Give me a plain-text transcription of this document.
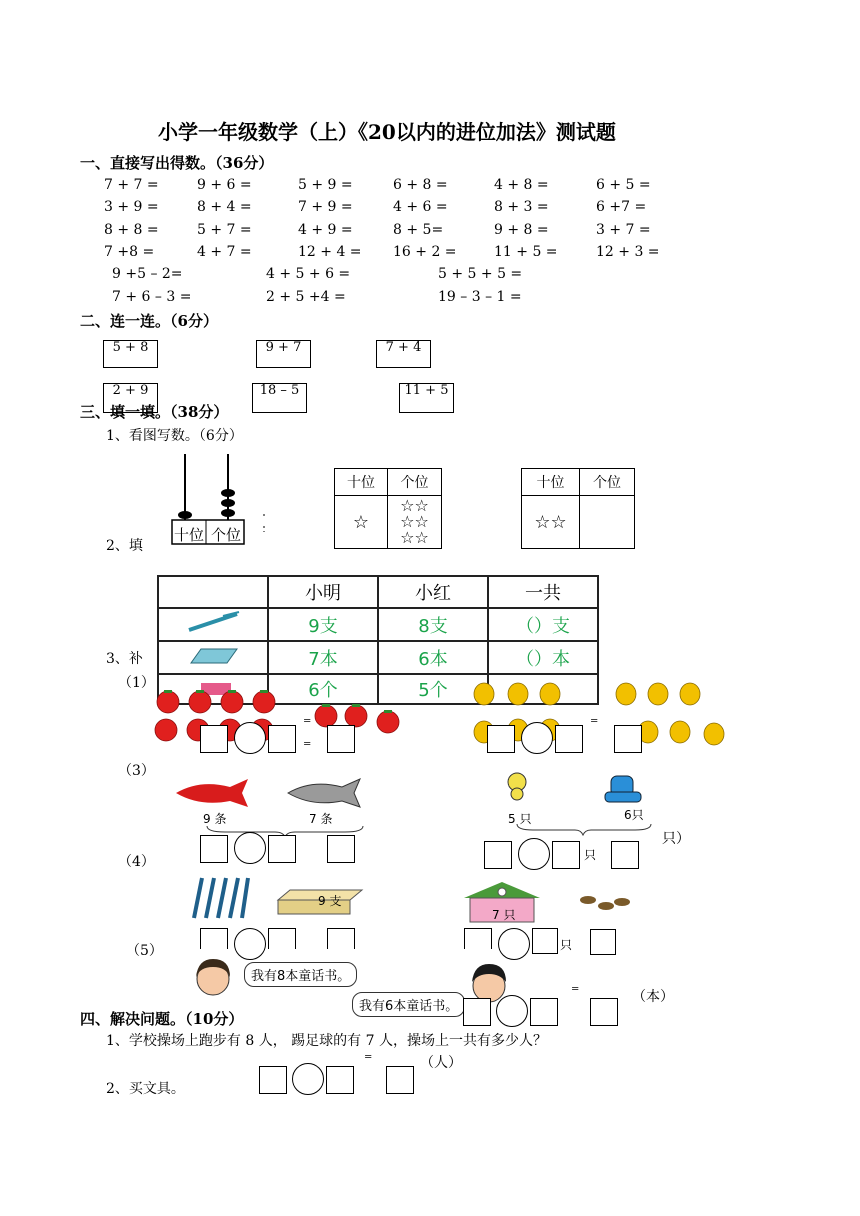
小学一年级数学（上）《20以内的进位加法》测试题
一、直接写出得数。（36分）
7 + 7 =	9 + 6 =	5 + 9 =	6 + 8 =	4 + 8 =	6 + 5 =
3 + 9 =	8 + 4 =	7 + 9 =	4 + 6 =	8 + 3 =	6 +7 =
8 + 8 =	5 + 7 =	4 + 9 =	8 + 5=	9 + 8 =	3 + 7 =
7 +8 =	4 + 7 =	12 + 4 = 16 + 2 =	11 + 5 =	12 + 3 =
9 +5 – 2=	4 + 5 + 6 =	5 + 5 + 5 =
7 + 6 – 3 =	2 + 5 +4 =	19 – 3 – 1 =
二、连一连。（6分）
5 + 8	9 + 7	7 + 4
2 + 9	18 – 5	11 + 5
三、填一填。（38分）
1、看图写数。（6分）
十位 个位
十位	个位
☆	☆☆
☆☆
☆☆
十位	个位
☆☆	
2、填
3、补
	小明	小红	一共
	9支	8支	（）支
	7本	6本	（）本
	6个	5个	
（1）
=
=
=
（3）
9 条	7 条	5 只	6只
只）
（4）	只
9 支
7 只
只
（5）
我有8本童话书。
我有6本童话书。
=	（本）
四、解决问题。（10分）
1、学校操场上跑步有 8 人， 踢足球的有 7 人，操场上一共有多少人？
=	（人）
2、买文具。
